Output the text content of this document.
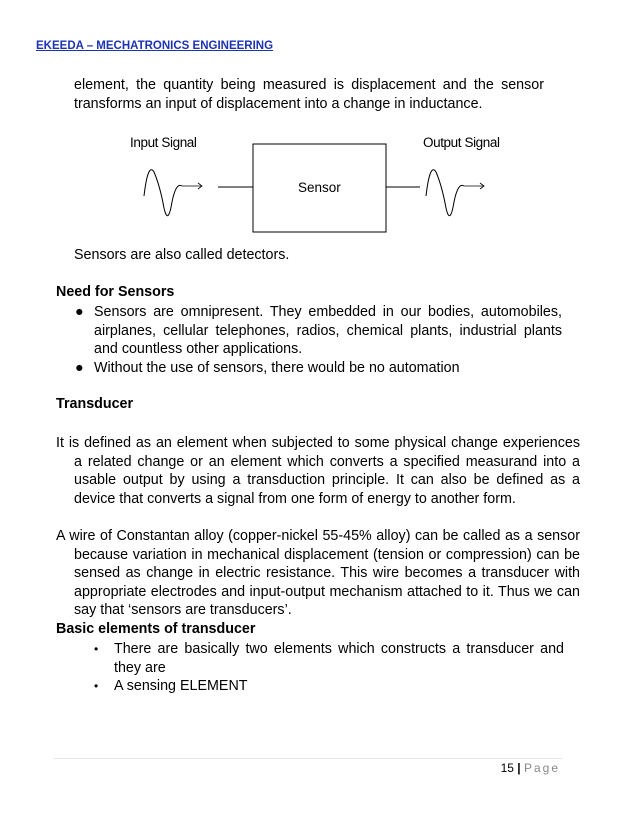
EKEEDA – MECHATRONICS ENGINEERING

element, the quantity being measured is displacement and the sensor transforms an input of displacement into a change in inductance.

Input Signal	Output Signal
Sensor

Sensors are also called detectors.

Need for Sensors
● Sensors are omnipresent. They embedded in our bodies, automobiles, airplanes, cellular telephones, radios, chemical plants, industrial plants and countless other applications.
● Without the use of sensors, there would be no automation
Transducer

It is defined as an element when subjected to some physical change experiences a related change or an element which converts a specified measurand into a usable output by using a transduction principle. It can also be defined as a device that converts a signal from one form of energy to another form.

A wire of Constantan alloy (copper-nickel 55-45% alloy) can be called as a sensor because variation in mechanical displacement (tension or compression) can be sensed as change in electric resistance. This wire becomes a transducer with appropriate electrodes and input-output mechanism attached to it. Thus we can say that ‘sensors are transducers’.

Basic elements of transducer
• There are basically two elements which constructs a transducer and they are
• A sensing ELEMENT
15 | Page
